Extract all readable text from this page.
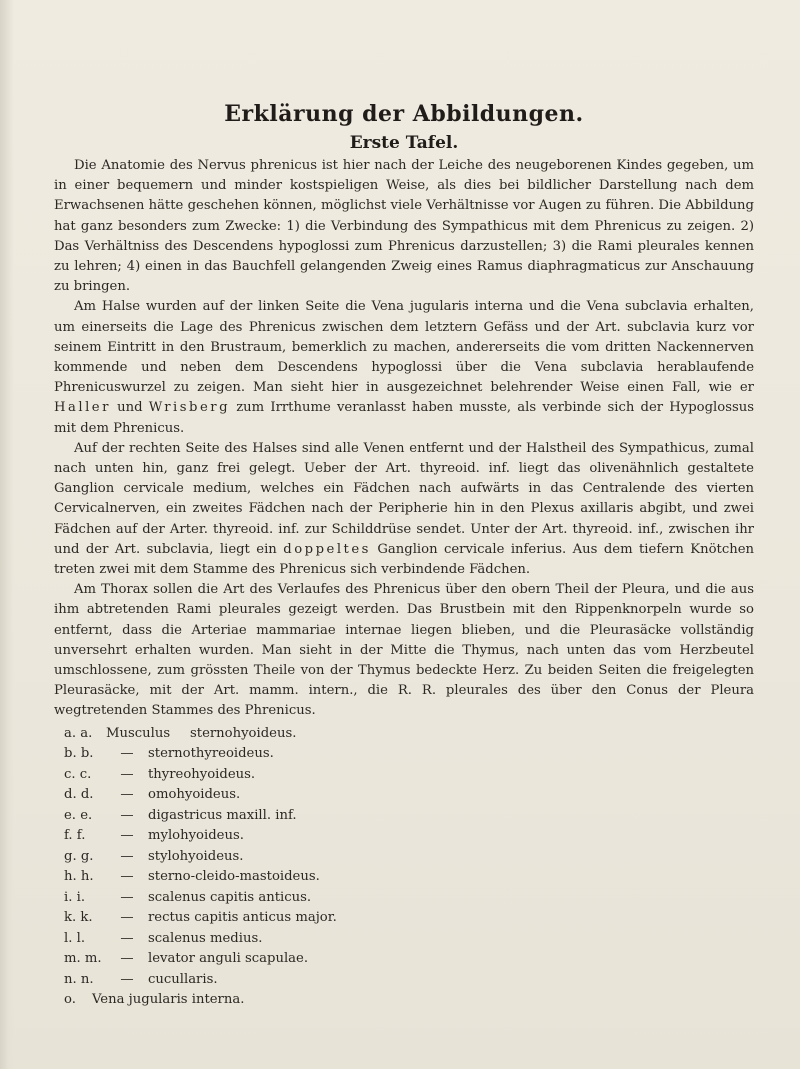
Erklärung der Abbildungen.
Erste Tafel.

Die Anatomie des Nervus phrenicus ist hier nach der Leiche des neugeborenen Kindes gegeben, um in einer bequemern und minder kostspieligen Weise, als dies bei bildlicher Darstellung nach dem Erwachsenen hätte geschehen können, möglichst viele Verhältnisse vor Augen zu führen. Die Abbildung hat ganz besonders zum Zwecke: 1) die Verbindung des Sympathicus mit dem Phrenicus zu zeigen. 2) Das Verhältniss des Descendens hypoglossi zum Phrenicus darzustellen; 3) die Rami pleurales kennen zu lehren; 4) einen in das Bauchfell gelangenden Zweig eines Ramus diaphragmaticus zur Anschauung zu bringen.

Am Halse wurden auf der linken Seite die Vena jugularis interna und die Vena subclavia erhalten, um einerseits die Lage des Phrenicus zwischen dem letztern Gefäss und der Art. subclavia kurz vor seinem Eintritt in den Brustraum, bemerklich zu machen, andererseits die vom dritten Nackennerven kommende und neben dem Descendens hypoglossi über die Vena subclavia herablaufende Phrenicuswurzel zu zeigen. Man sieht hier in ausgezeichnet belehrender Weise einen Fall, wie er Haller und Wrisberg zum Irrthume veranlasst haben musste, als verbinde sich der Hypoglossus mit dem Phrenicus.

Auf der rechten Seite des Halses sind alle Venen entfernt und der Halstheil des Sympathicus, zumal nach unten hin, ganz frei gelegt. Ueber der Art. thyreoid. inf. liegt das olivenähnlich gestaltete Ganglion cervicale medium, welches ein Fädchen nach aufwärts in das Centralende des vierten Cervicalnerven, ein zweites Fädchen nach der Peripherie hin in den Plexus axillaris abgibt, und zwei Fädchen auf der Arter. thyreoid. inf. zur Schilddrüse sendet. Unter der Art. thyreoid. inf., zwischen ihr und der Art. subclavia, liegt ein doppeltes Ganglion cervicale inferius. Aus dem tiefern Knötchen treten zwei mit dem Stamme des Phrenicus sich verbindende Fädchen.

Am Thorax sollen die Art des Verlaufes des Phrenicus über den obern Theil der Pleura, und die aus ihm abtretenden Rami pleurales gezeigt werden. Das Brustbein mit den Rippenknorpeln wurde so entfernt, dass die Arteriae mammariae internae liegen blieben, und die Pleurasäcke vollständig unversehrt erhalten wurden. Man sieht in der Mitte die Thymus, nach unten das vom Herzbeutel umschlossene, zum grössten Theile von der Thymus bedeckte Herz. Zu beiden Seiten die freigelegten Pleurasäcke, mit der Art. mamm. intern., die R. R. pleurales des über den Conus der Pleura wegtretenden Stammes des Phrenicus.

a. a.	Musculus	sternohyoideus.
b. b.	—	sternothyreoideus.
c. c.	—	thyreohyoideus.
d. d.	—	omohyoideus.
e. e.	—	digastricus maxill. inf.
f. f.	—	mylohyoideus.
g. g.	—	stylohyoideus.
h. h.	—	sterno-cleido-mastoideus.
i. i.	—	scalenus capitis anticus.
k. k.	—	rectus capitis anticus major.
l. l.	—	scalenus medius.
m. m.	—	levator anguli scapulae.
n. n.	—	cucullaris.
o.	Vena jugularis interna.
